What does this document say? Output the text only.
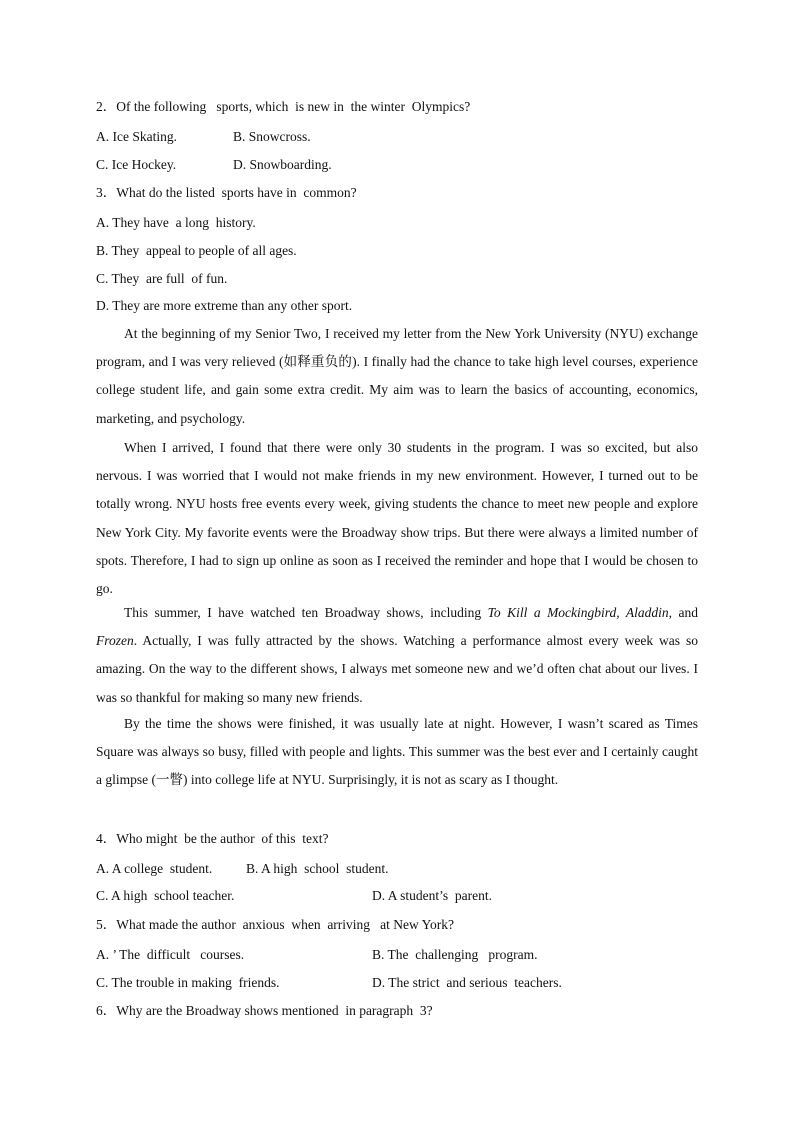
2．Of the following   sports, which  is new in  the winter  Olympics?
A. Ice Skating.	B. Snowcross.
C. Ice Hockey.	D. Snowboarding.
3．What do the listed  sports have in  common?
A. They have  a long  history.
B. They  appeal to people of all ages.
C. They  are full  of fun.
D. They are more extreme than any other sport.
At the beginning of my Senior Two, I received my letter from the New York University (NYU) exchange program, and I was very relieved (如释重负的). I finally had the chance to take high level courses, experience college student life, and gain some extra credit. My aim was to learn the basics of accounting, economics, marketing, and psychology.
When I arrived, I found that there were only 30 students in the program. I was so excited, but also nervous. I was worried that I would not make friends in my new environment. However, I turned out to be totally wrong. NYU hosts free events every week, giving students the chance to meet new people and explore New York City. My favorite events were the Broadway show trips. But there were always a limited number of spots. Therefore, I had to sign up online as soon as I received the reminder and hope that I would be chosen to go.
This summer, I have watched ten Broadway shows, including To Kill a Mockingbird, Aladdin, and Frozen. Actually, I was fully attracted by the shows. Watching a performance almost every week was so amazing. On the way to the different shows, I always met someone new and we’d often chat about our lives. I was so thankful for making so many new friends.
By the time the shows were finished, it was usually late at night. However, I wasn’t scared as Times Square was always so busy, filled with people and lights. This summer was the best ever and I certainly caught a glimpse (一瞥) into college life at NYU. Surprisingly, it is not as scary as I thought.
4．Who might  be the author  of this  text?
A. A college  student.	B. A high  school  student.
C. A high  school teacher.	D. A student’s  parent.
5．What made the author  anxious  when  arriving   at New York?
A. ’ The  difficult   courses.	B. The  challenging   program.
C. The trouble in making  friends.	D. The strict  and serious  teachers.
6．Why are the Broadway shows mentioned  in paragraph  3?
